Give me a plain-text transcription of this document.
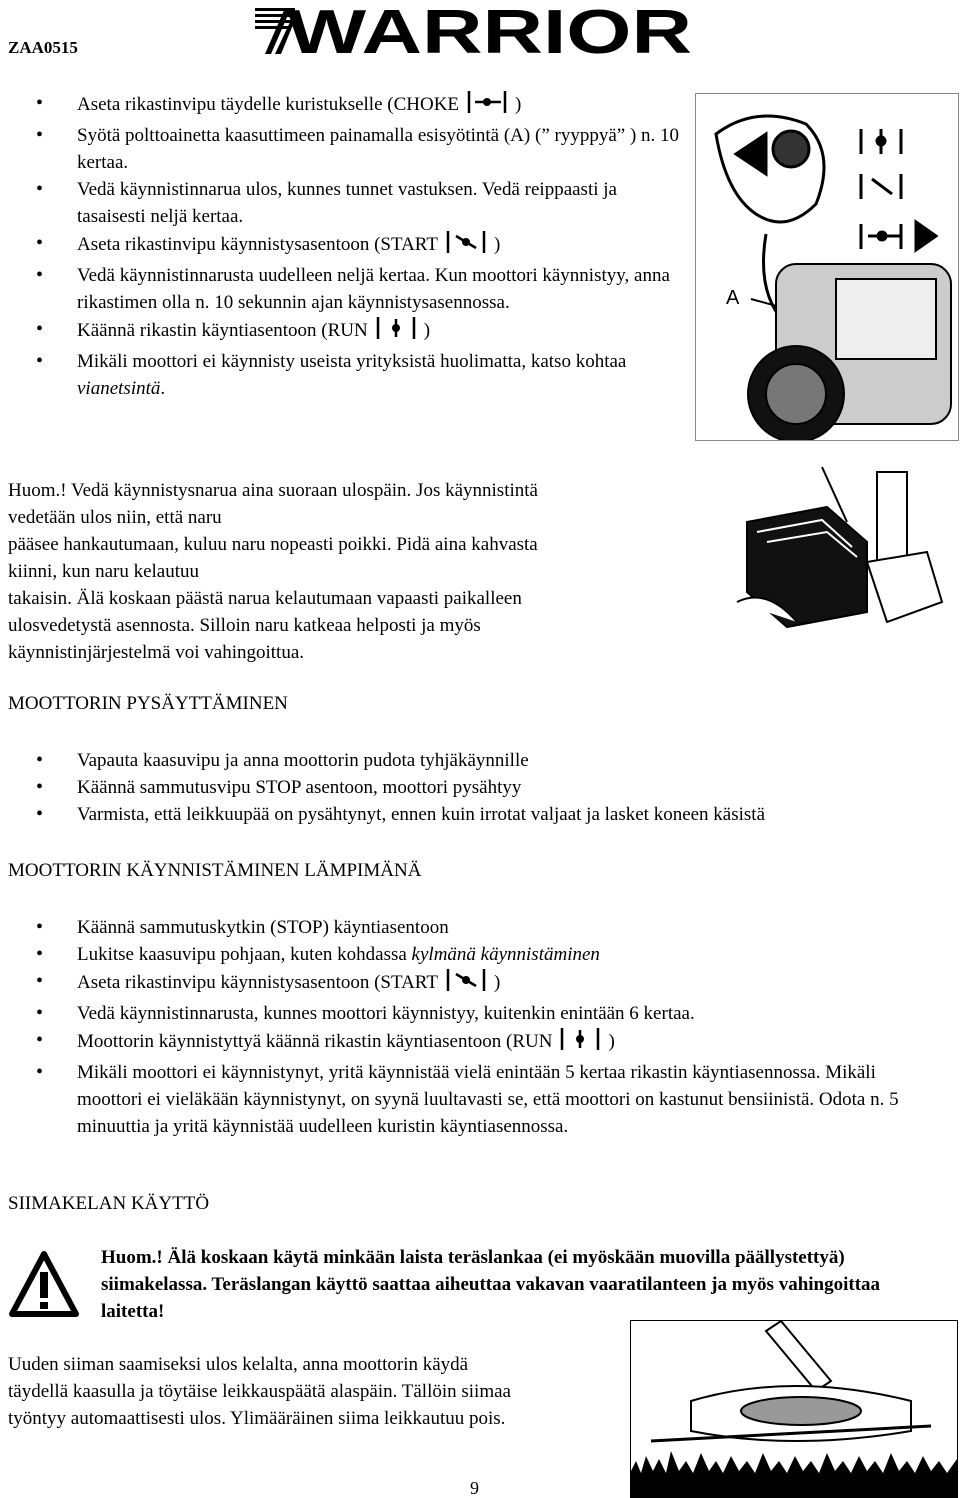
ZAA0515	WARRIOR
• Aseta rikastinvipu täydelle kuristukselle (CHOKE	)
• Syötä polttoainetta kaasuttimeen painamalla esisyötintä (A) (” ryyppyä” ) n. 10 kertaa.
• Vedä käynnistinnarua ulos, kunnes tunnet vastuksen. Vedä reippaasti ja tasaisesti neljä kertaa.
• Aseta rikastinvipu käynnistysasentoon (START	)
• Vedä käynnistinnarusta uudelleen neljä kertaa. Kun moottori käynnistyy, anna rikastimen olla n. 10 sekunnin ajan käynnistysasennossa.
• Käännä rikastin käyntiasentoon (RUN	)
• Mikäli moottori ei käynnisty useista yrityksistä huolimatta, katso kohtaa vianetsintä.
A
Huom.! Vedä käynnistysnarua aina suoraan ulospäin. Jos käynnistintä
vedetään ulos niin, että naru
pääsee hankautumaan, kuluu naru nopeasti poikki. Pidä aina kahvasta
kiinni, kun naru kelautuu
takaisin. Älä koskaan päästä narua kelautumaan vapaasti paikalleen
ulosvedetystä asennosta. Silloin naru katkeaa helposti ja myös
käynnistinjärjestelmä voi vahingoittua.
MOOTTORIN PYSÄYTTÄMINEN
• Vapauta kaasuvipu ja anna moottorin pudota tyhjäkäynnille
• Käännä sammutusvipu STOP asentoon, moottori pysähtyy
• Varmista, että leikkuupää on pysähtynyt, ennen kuin irrotat valjaat ja lasket koneen käsistä
MOOTTORIN KÄYNNISTÄMINEN LÄMPIMÄNÄ
• Käännä sammutuskytkin (STOP) käyntiasentoon
• Lukitse kaasuvipu pohjaan, kuten kohdassa kylmänä käynnistäminen
• Aseta rikastinvipu käynnistysasentoon (START	)
• Vedä käynnistinnarusta, kunnes moottori käynnistyy, kuitenkin enintään 6 kertaa.
• Moottorin käynnistyttyä käännä rikastin käyntiasentoon (RUN	)
• Mikäli moottori ei käynnistynyt, yritä käynnistää vielä enintään 5 kertaa rikastin käyntiasennossa. Mikäli moottori ei vieläkään käynnistynyt, on syynä luultavasti se, että moottori on kastunut bensiinistä. Odota n. 5 minuuttia ja yritä käynnistää uudelleen kuristin käyntiasennossa.
SIIMAKELAN KÄYTTÖ
Huom.! Älä koskaan käytä minkään laista teräslankaa (ei myöskään muovilla päällystettyä) siimakelassa. Teräslangan käyttö saattaa aiheuttaa vakavan vaaratilanteen ja myös vahingoittaa laitetta!
Uuden siiman saamiseksi ulos kelalta, anna moottorin käydä täydellä kaasulla ja töytäise leikkauspäätä alaspäin. Tällöin siimaa työntyy automaattisesti ulos. Ylimääräinen siima leikkautuu pois.
9
